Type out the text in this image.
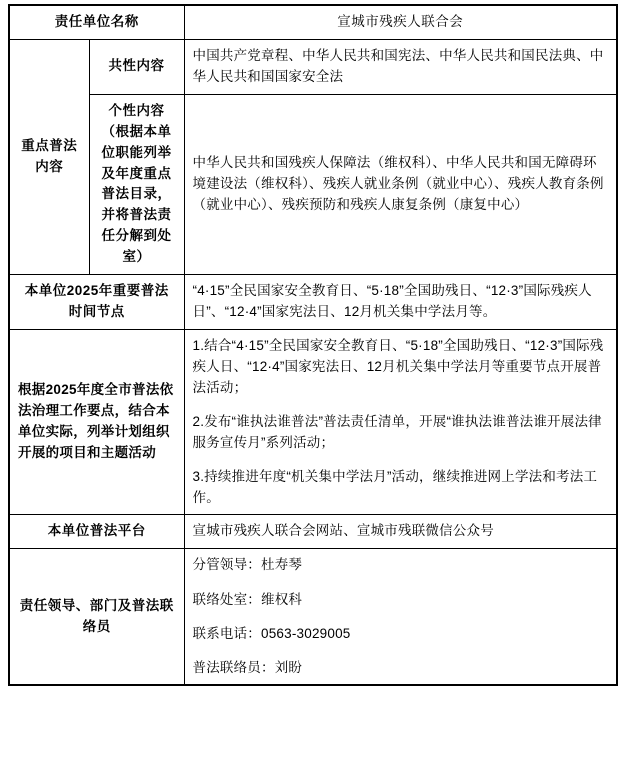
责任单位名称		宣城市残疾人联合会

重点普法内容	共性内容	中国共产党章程、中华人民共和国宪法、中华人民共和国民法典、中华人民共和国国家安全法
	个性内容（根据本单位职能列举及年度重点普法目录，并将普法责任分解到处室）	中华人民共和国残疾人保障法（维权科）、中华人民共和国无障碍环境建设法（维权科）、残疾人就业条例（就业中心）、残疾人教育条例（就业中心）、残疾预防和残疾人康复条例（康复中心）
本单位2025年重要普法时间节点		“4·15”全民国家安全教育日、“5·18”全国助残日、“12·3”国际残疾人日”、“12·4”国家宪法日、12月机关集中学法月等。
根据2025年度全市普法依法治理工作要点，结合本单位实际，列举计划组织开展的项目和主题活动		1.结合“4·15”全民国家安全教育日、“5·18”全国助残日、“12·3”国际残疾人日、“12·4”国家宪法日、12月机关集中学法月等重要节点开展普法活动；

2.发布“谁执法谁普法”普法责任清单，开展“谁执法谁普法谁开展法律服务宣传月”系列活动；

3.持续推进年度“机关集中学法月”活动，继续推进网上学法和考法工作。

本单位普法平台		宣城市残疾人联合会网站、宣城市残联微信公众号
责任领导、部门及普法联络员		分管领导：杜寿琴

联络处室：维权科

联系电话：0563-3029005

普法联络员：刘盼
